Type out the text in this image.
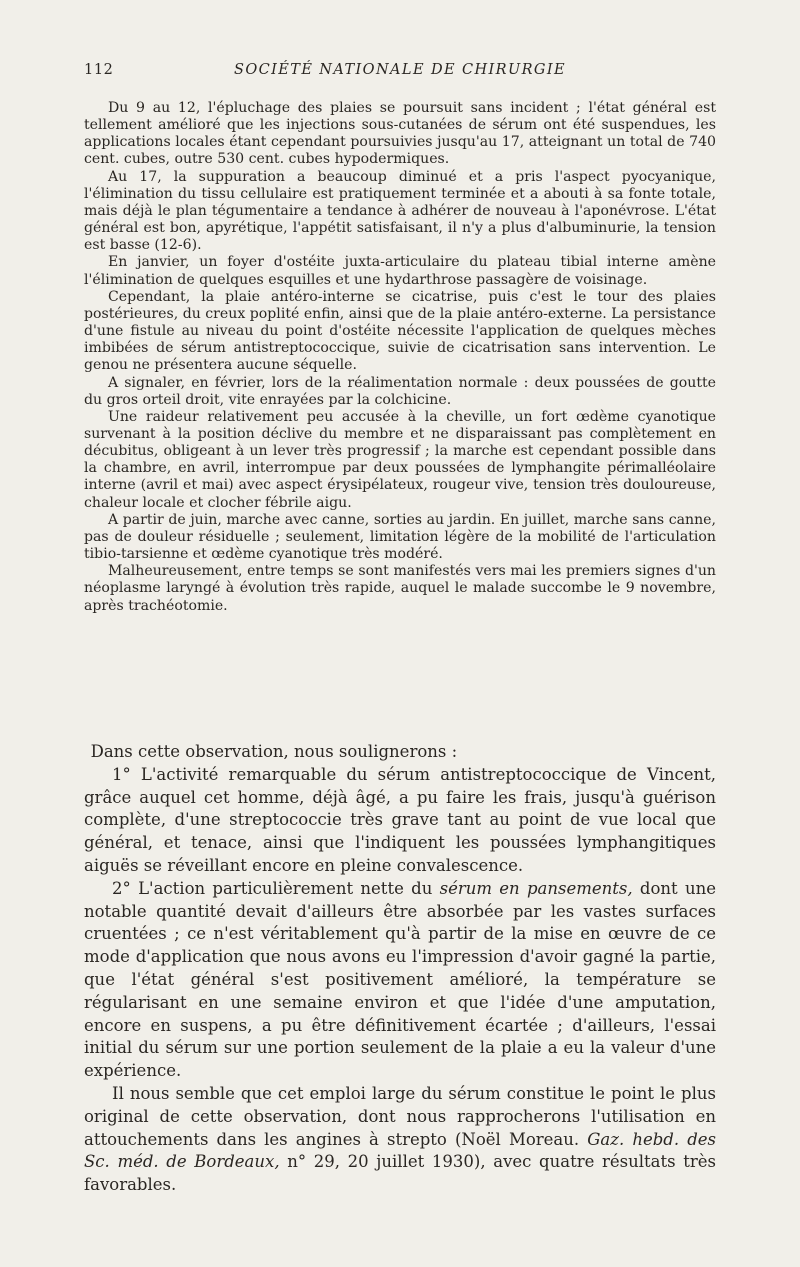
112	SOCIÉTÉ NATIONALE DE CHIRURGIE

Du 9 au 12, l'épluchage des plaies se poursuit sans incident ; l'état général est tellement amélioré que les injections sous-cutanées de sérum ont été suspendues, les applications locales étant cependant poursuivies jusqu'au 17, atteignant un total de 740 cent. cubes, outre 530 cent. cubes hypodermiques.

Au 17, la suppuration a beaucoup diminué et a pris l'aspect pyocyanique, l'élimination du tissu cellulaire est pratiquement terminée et a abouti à sa fonte totale, mais déjà le plan tégumentaire a tendance à adhérer de nouveau à l'aponévrose. L'état général est bon, apyrétique, l'appétit satisfaisant, il n'y a plus d'albuminurie, la tension est basse (12-6).

En janvier, un foyer d'ostéite juxta-articulaire du plateau tibial interne amène l'élimination de quelques esquilles et une hydarthrose passagère de voisinage.

Cependant, la plaie antéro-interne se cicatrise, puis c'est le tour des plaies postérieures, du creux poplité enfin, ainsi que de la plaie antéro-externe. La persistance d'une fistule au niveau du point d'ostéite nécessite l'application de quelques mèches imbibées de sérum antistreptococcique, suivie de cicatrisation sans intervention. Le genou ne présentera aucune séquelle.

A signaler, en février, lors de la réalimentation normale : deux poussées de goutte du gros orteil droit, vite enrayées par la colchicine.

Une raideur relativement peu accusée à la cheville, un fort œdème cyanotique survenant à la position déclive du membre et ne disparaissant pas complètement en décubitus, obligeant à un lever très progressif ; la marche est cependant possible dans la chambre, en avril, interrompue par deux poussées de lymphangite périmalléolaire interne (avril et mai) avec aspect érysipélateux, rougeur vive, tension très douloureuse, chaleur locale et clocher fébrile aigu.

A partir de juin, marche avec canne, sorties au jardin. En juillet, marche sans canne, pas de douleur résiduelle ; seulement, limitation légère de la mobilité de l'articulation tibio-tarsienne et œdème cyanotique très modéré.

Malheureusement, entre temps se sont manifestés vers mai les premiers signes d'un néoplasme laryngé à évolution très rapide, auquel le malade succombe le 9 novembre, après trachéotomie.

Dans cette observation, nous soulignerons :

1° L'activité remarquable du sérum antistreptococcique de Vincent, grâce auquel cet homme, déjà âgé, a pu faire les frais, jusqu'à guérison complète, d'une streptococcie très grave tant au point de vue local que général, et tenace, ainsi que l'indiquent les poussées lymphangitiques aiguës se réveillant encore en pleine convalescence.

2° L'action particulièrement nette du sérum en pansements, dont une notable quantité devait d'ailleurs être absorbée par les vastes surfaces cruentées ; ce n'est véritablement qu'à partir de la mise en œuvre de ce mode d'application que nous avons eu l'impression d'avoir gagné la partie, que l'état général s'est positivement amélioré, la température se régularisant en une semaine environ et que l'idée d'une amputation, encore en suspens, a pu être définitivement écartée ; d'ailleurs, l'essai initial du sérum sur une portion seulement de la plaie a eu la valeur d'une expérience.

Il nous semble que cet emploi large du sérum constitue le point le plus original de cette observation, dont nous rapprocherons l'utilisation en attouchements dans les angines à strepto (Noël Moreau. Gaz. hebd. des Sc. méd. de Bordeaux, n° 29, 20 juillet 1930), avec quatre résultats très favorables.
